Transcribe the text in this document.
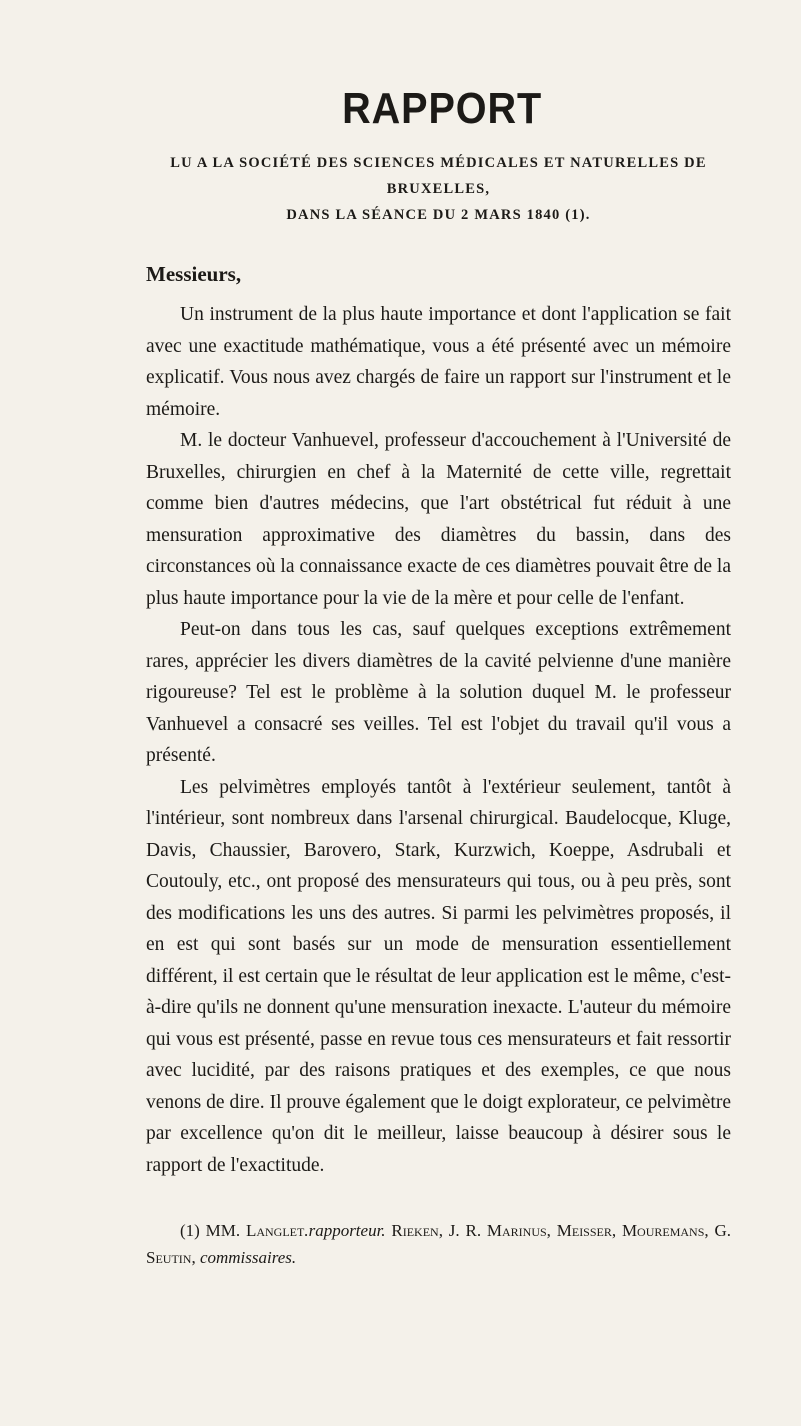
RAPPORT
LU A LA SOCIÉTÉ DES SCIENCES MÉDICALES ET NATURELLES DE BRUXELLES,
DANS LA SÉANCE DU 2 MARS 1840 (1).
Messieurs,

Un instrument de la plus haute importance et dont l'application se fait avec une exactitude mathématique, vous a été présenté avec un mémoire explicatif. Vous nous avez chargés de faire un rapport sur l'instrument et le mémoire.

M. le docteur Vanhuevel, professeur d'accouchement à l'Université de Bruxelles, chirurgien en chef à la Maternité de cette ville, regrettait comme bien d'autres médecins, que l'art obstétrical fut réduit à une mensuration approximative des diamètres du bassin, dans des circonstances où la connaissance exacte de ces diamètres pouvait être de la plus haute importance pour la vie de la mère et pour celle de l'enfant.

Peut-on dans tous les cas, sauf quelques exceptions extrêmement rares, apprécier les divers diamètres de la cavité pelvienne d'une manière rigoureuse? Tel est le problème à la solution duquel M. le professeur Vanhuevel a consacré ses veilles. Tel est l'objet du travail qu'il vous a présenté.

Les pelvimètres employés tantôt à l'extérieur seulement, tantôt à l'intérieur, sont nombreux dans l'arsenal chirurgical. Baudelocque, Kluge, Davis, Chaussier, Barovero, Stark, Kurzwich, Koeppe, Asdrubali et Coutouly, etc., ont proposé des mensurateurs qui tous, ou à peu près, sont des modifications les uns des autres. Si parmi les pelvimètres proposés, il en est qui sont basés sur un mode de mensuration essentiellement différent, il est certain que le résultat de leur application est le même, c'est-à-dire qu'ils ne donnent qu'une mensuration inexacte. L'auteur du mémoire qui vous est présenté, passe en revue tous ces mensurateurs et fait ressortir avec lucidité, par des raisons pratiques et des exemples, ce que nous venons de dire. Il prouve également que le doigt explorateur, ce pelvimètre par excellence qu'on dit le meilleur, laisse beaucoup à désirer sous le rapport de l'exactitude.

(1) MM. Langlet.rapporteur. Rieken, J. R. Marinus, Meisser, Mouremans, G. Seutin, commissaires.
